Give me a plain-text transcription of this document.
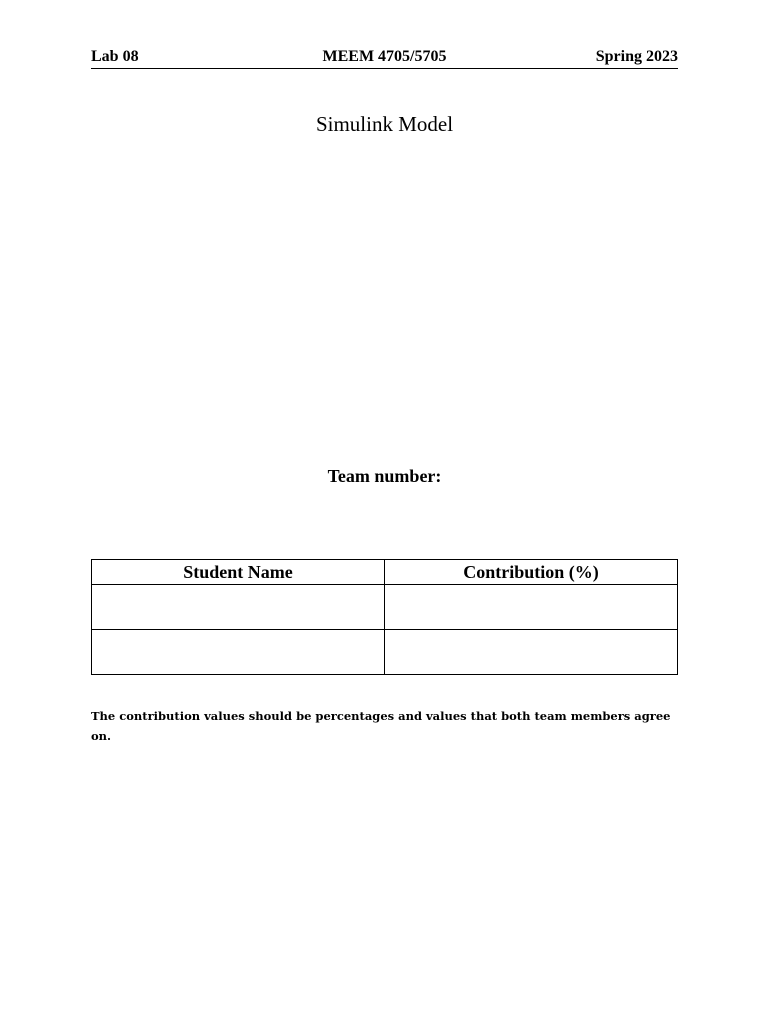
Lab 08	MEEM 4705/5705	Spring 2023
Simulink Model
Team number:
Student Name	Contribution (%)

The contribution values should be percentages and values that both team members agree on.
